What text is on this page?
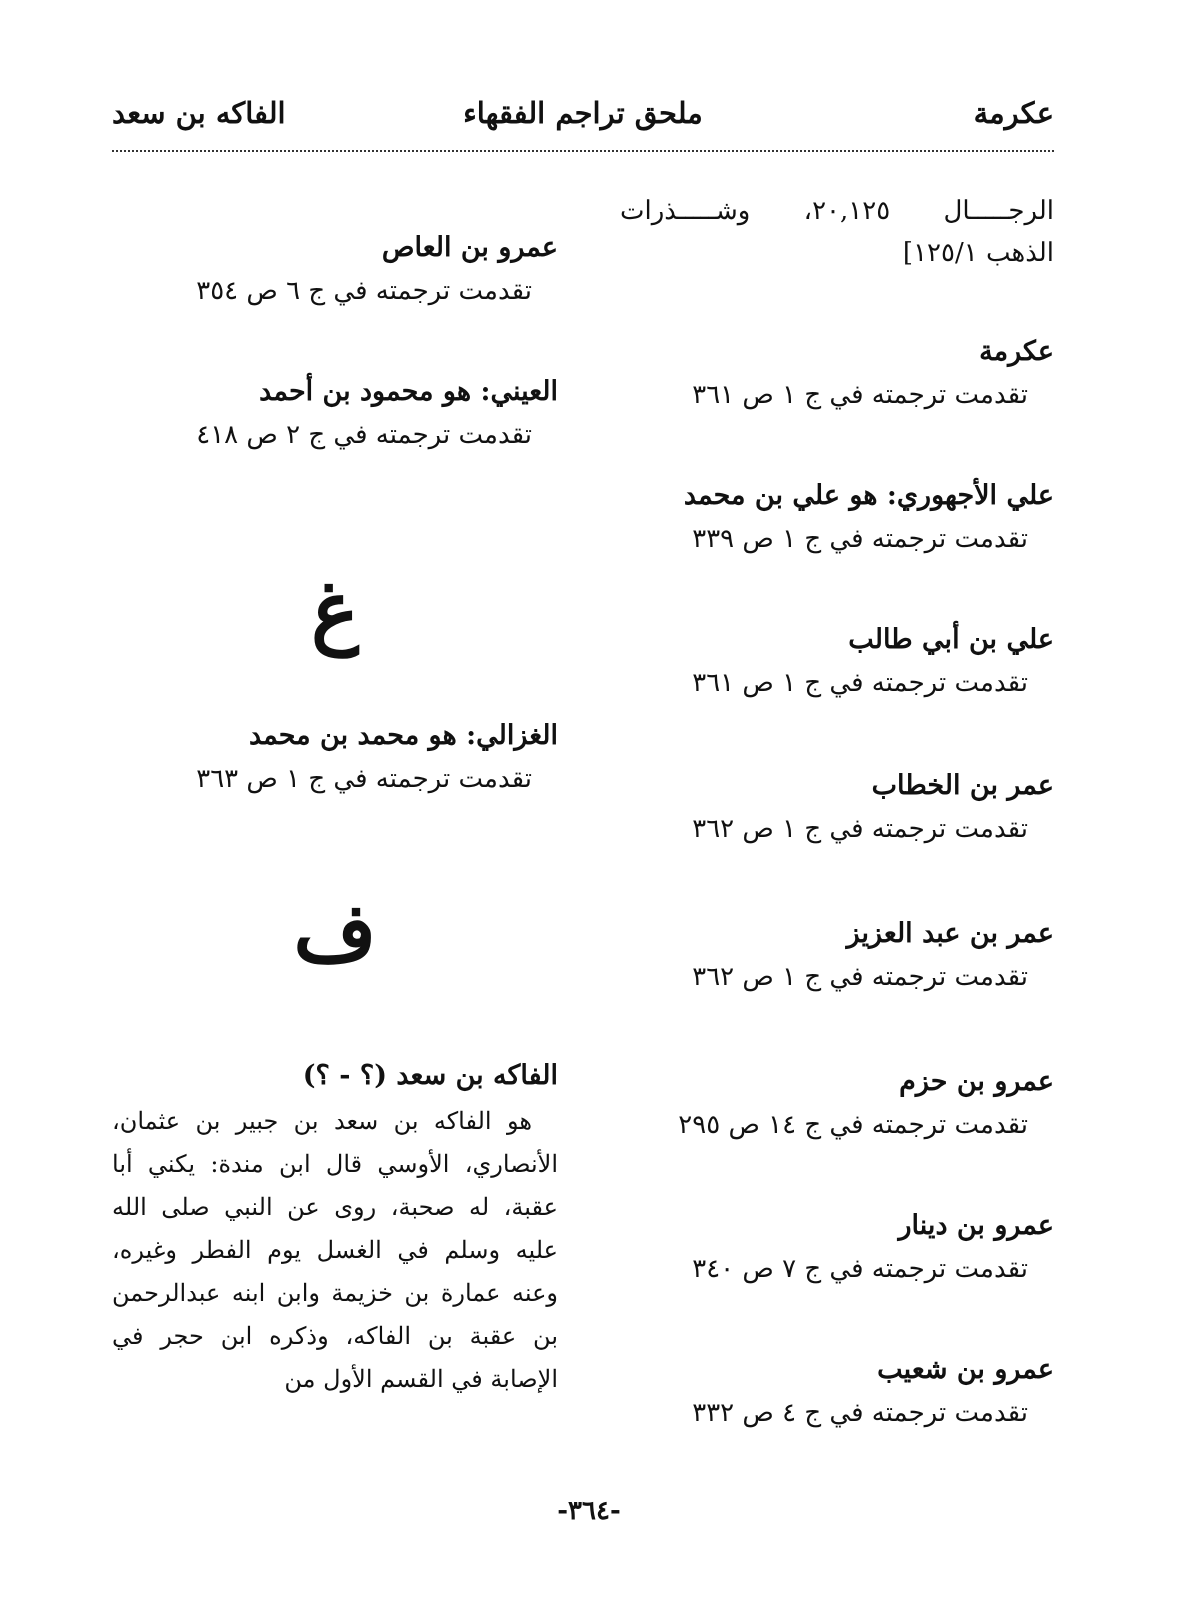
عكرمة
ملحق تراجم الفقهاء
الفاكه بن سعد
الرجـــــال ٢٠,١٢٥، وشـــــذرات
الذهب ١٢٥/١]
عكرمة
تقدمت ترجمته في ج ١ ص ٣٦١
علي الأجهوري: هو علي بن محمد
تقدمت ترجمته في ج ١ ص ٣٣٩
علي بن أبي طالب
تقدمت ترجمته في ج ١ ص ٣٦١
عمر بن الخطاب
تقدمت ترجمته في ج ١ ص ٣٦٢
عمر بن عبد العزيز
تقدمت ترجمته في ج ١ ص ٣٦٢
عمرو بن حزم
تقدمت ترجمته في ج ١٤ ص ٢٩٥
عمرو بن دينار
تقدمت ترجمته في ج ٧ ص ٣٤٠
عمرو بن شعيب
تقدمت ترجمته في ج ٤ ص ٣٣٢
عمرو بن العاص
تقدمت ترجمته في ج ٦ ص ٣٥٤
العيني: هو محمود بن أحمد
تقدمت ترجمته في ج ٢ ص ٤١٨
غ
الغزالي: هو محمد بن محمد
تقدمت ترجمته في ج ١ ص ٣٦٣
ف
الفاكه بن سعد (؟ - ؟)
هو الفاكه بن سعد بن جبير بن عثمان، الأنصاري، الأوسي قال ابن مندة: يكني أبا عقبة، له صحبة، روى عن النبي صلى الله عليه وسلم في الغسل يوم الفطر وغيره، وعنه عمارة بن خزيمة وابن ابنه عبدالرحمن بن عقبة بن الفاكه، وذكره ابن حجر في الإصابة في القسم الأول من
-٣٦٤-
